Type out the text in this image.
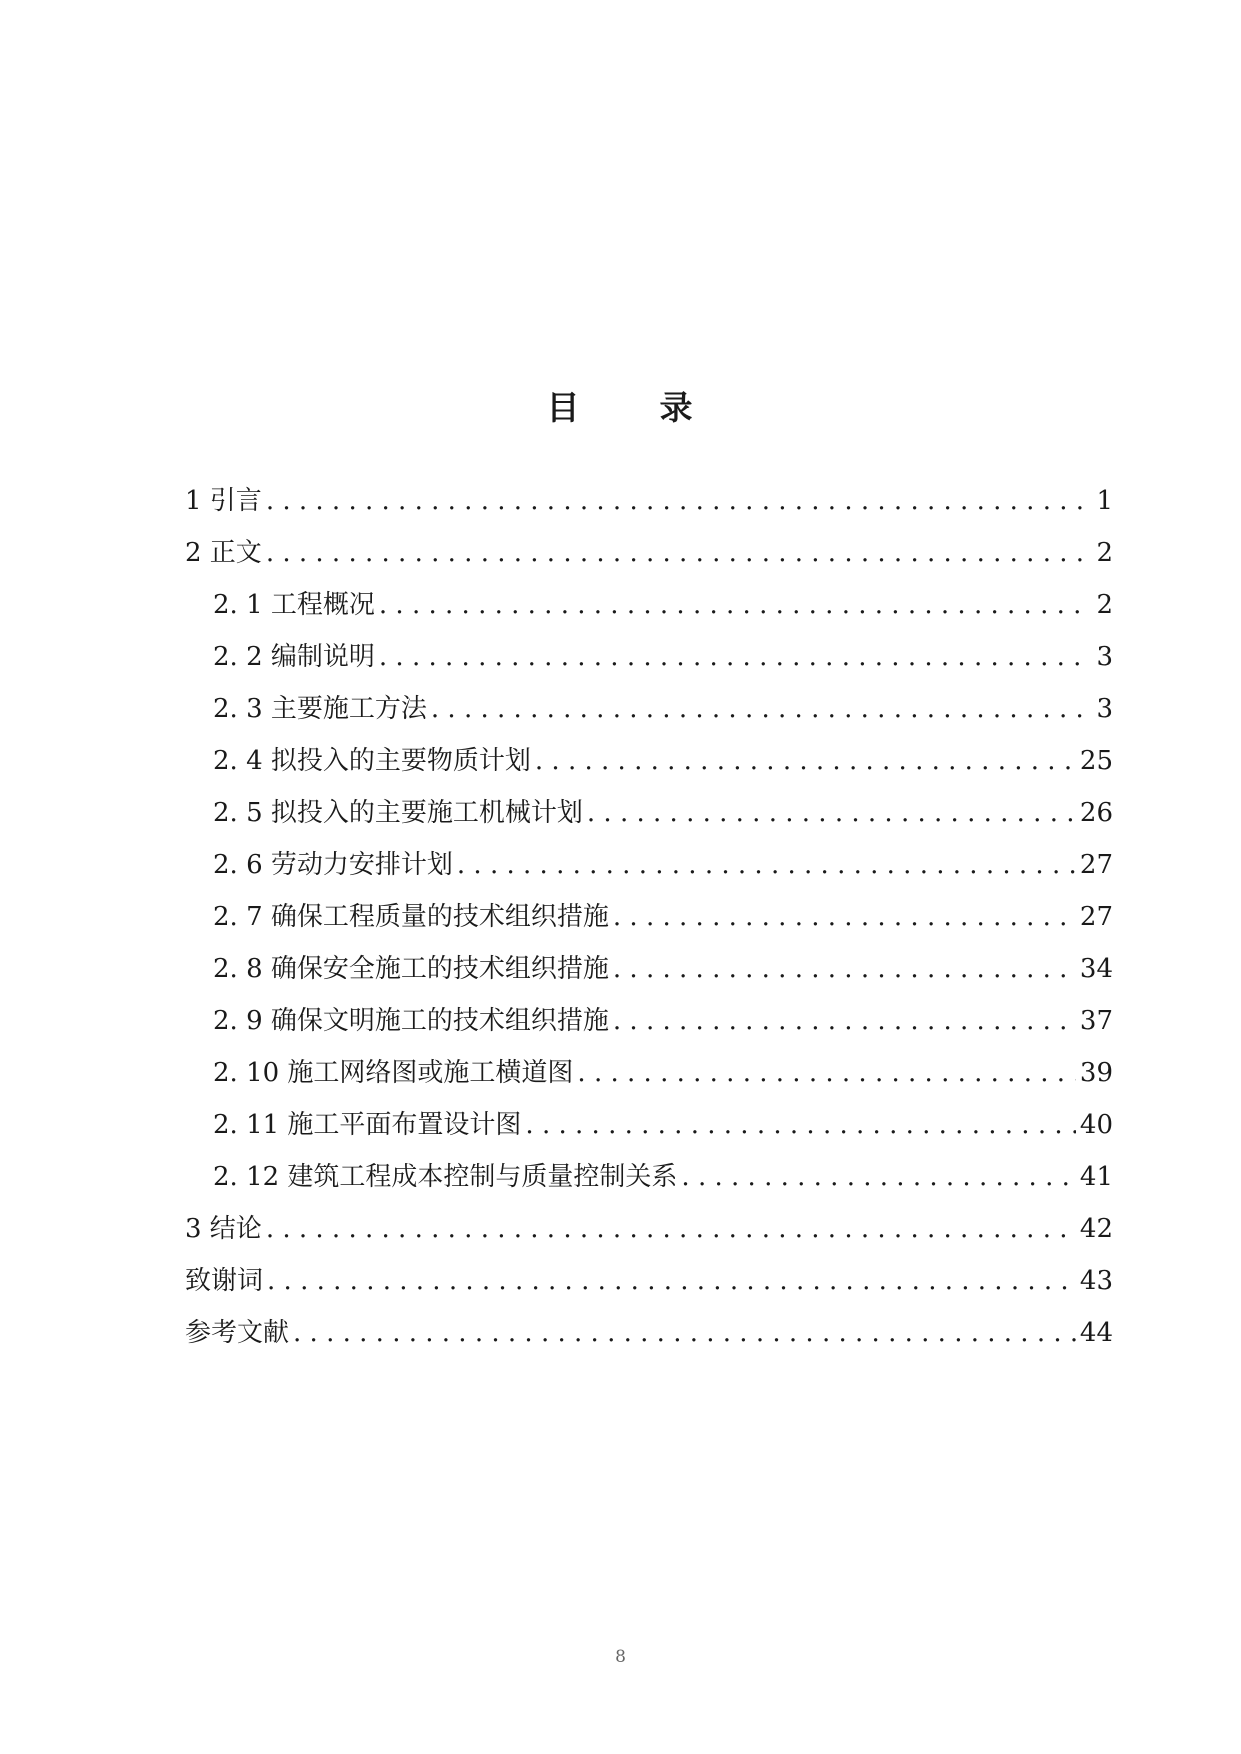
目 录
1 引言 . . .	1
2 正文 . . .	2
2. 1 工程概况 . . .	2
2. 2 编制说明 . . .	3
2. 3 主要施工方法 . . .	3
2. 4 拟投入的主要物质计划 . . .	25
2. 5 拟投入的主要施工机械计划 . . .	26
2. 6 劳动力安排计划 . . .	27
2. 7 确保工程质量的技术组织措施 . . .	27
2. 8 确保安全施工的技术组织措施 . . .	34
2. 9 确保文明施工的技术组织措施 . . .	37
2. 10 施工网络图或施工横道图 . . .	39
2. 11 施工平面布置设计图 . . .	40
2. 12 建筑工程成本控制与质量控制关系 . . .	41
3 结论 . . .	42
致谢词 . . .	43
参考文献 . . .	44
8
